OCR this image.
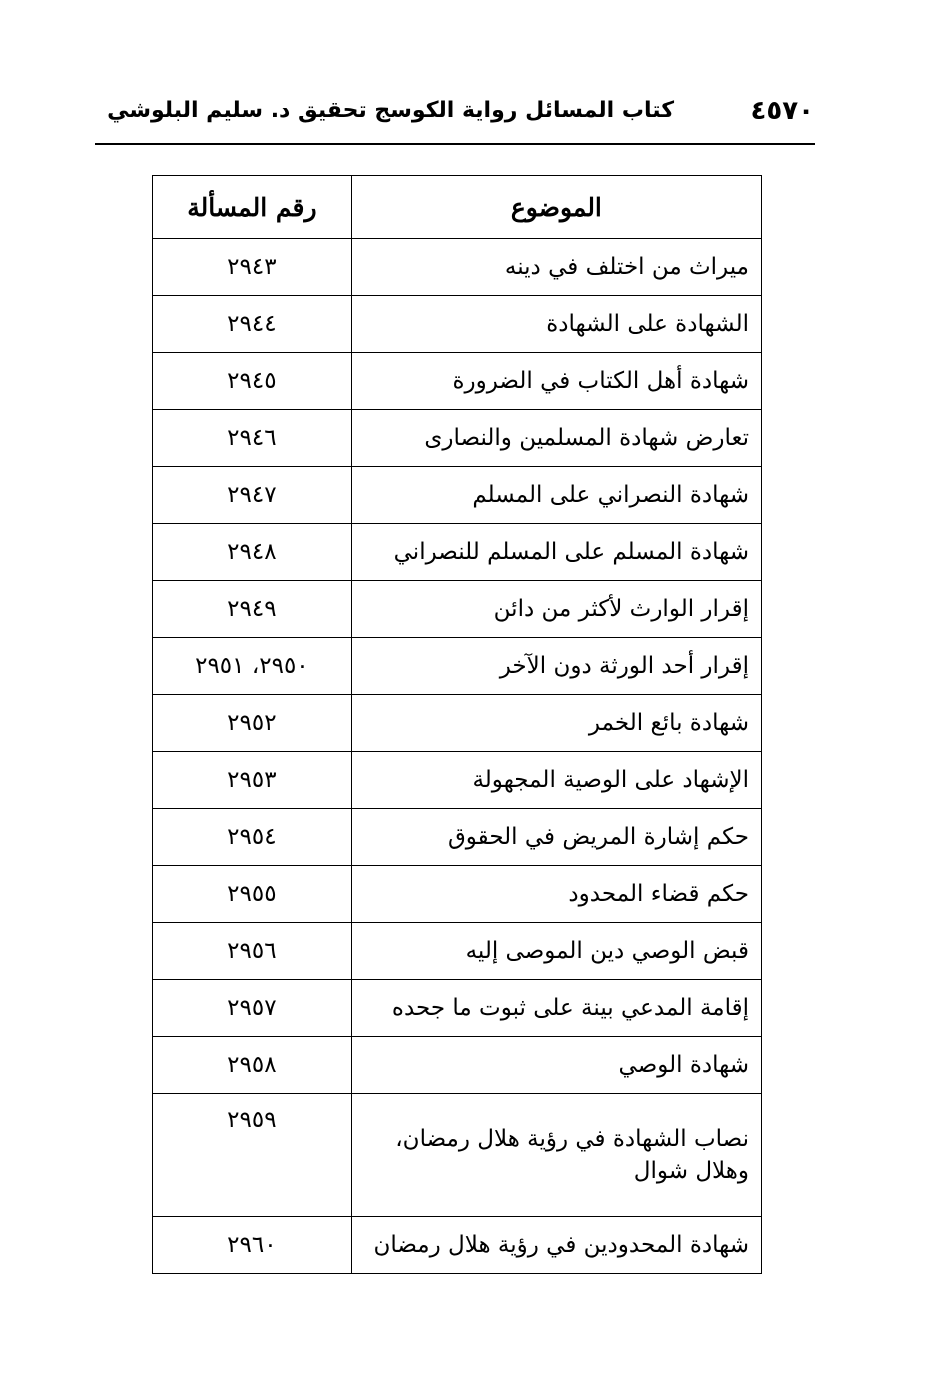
٤٥٧٠
كتاب المسائل رواية الكوسج تحقيق د. سليم البلوشي
الموضوع	رقم المسألة
ميراث من اختلف في دينه	٢٩٤٣
الشهادة على الشهادة	٢٩٤٤
شهادة أهل الكتاب في الضرورة	٢٩٤٥
تعارض شهادة المسلمين والنصارى	٢٩٤٦
شهادة النصراني على المسلم	٢٩٤٧
شهادة المسلم على المسلم للنصراني	٢٩٤٨
إقرار الوارث لأكثر من دائن	٢٩٤٩
إقرار أحد الورثة دون الآخر	٢٩٥٠، ٢٩٥١
شهادة بائع الخمر	٢٩٥٢
الإشهاد على الوصية المجهولة	٢٩٥٣
حكم إشارة المريض في الحقوق	٢٩٥٤
حكم قضاء المحدود	٢٩٥٥
قبض الوصي دين الموصى إليه	٢٩٥٦
إقامة المدعي بينة على ثبوت ما جحده	٢٩٥٧
شهادة الوصي	٢٩٥٨
نصاب الشهادة في رؤية هلال رمضان، وهلال شوال	٢٩٥٩
شهادة المحدودين في رؤية هلال رمضان	٢٩٦٠
